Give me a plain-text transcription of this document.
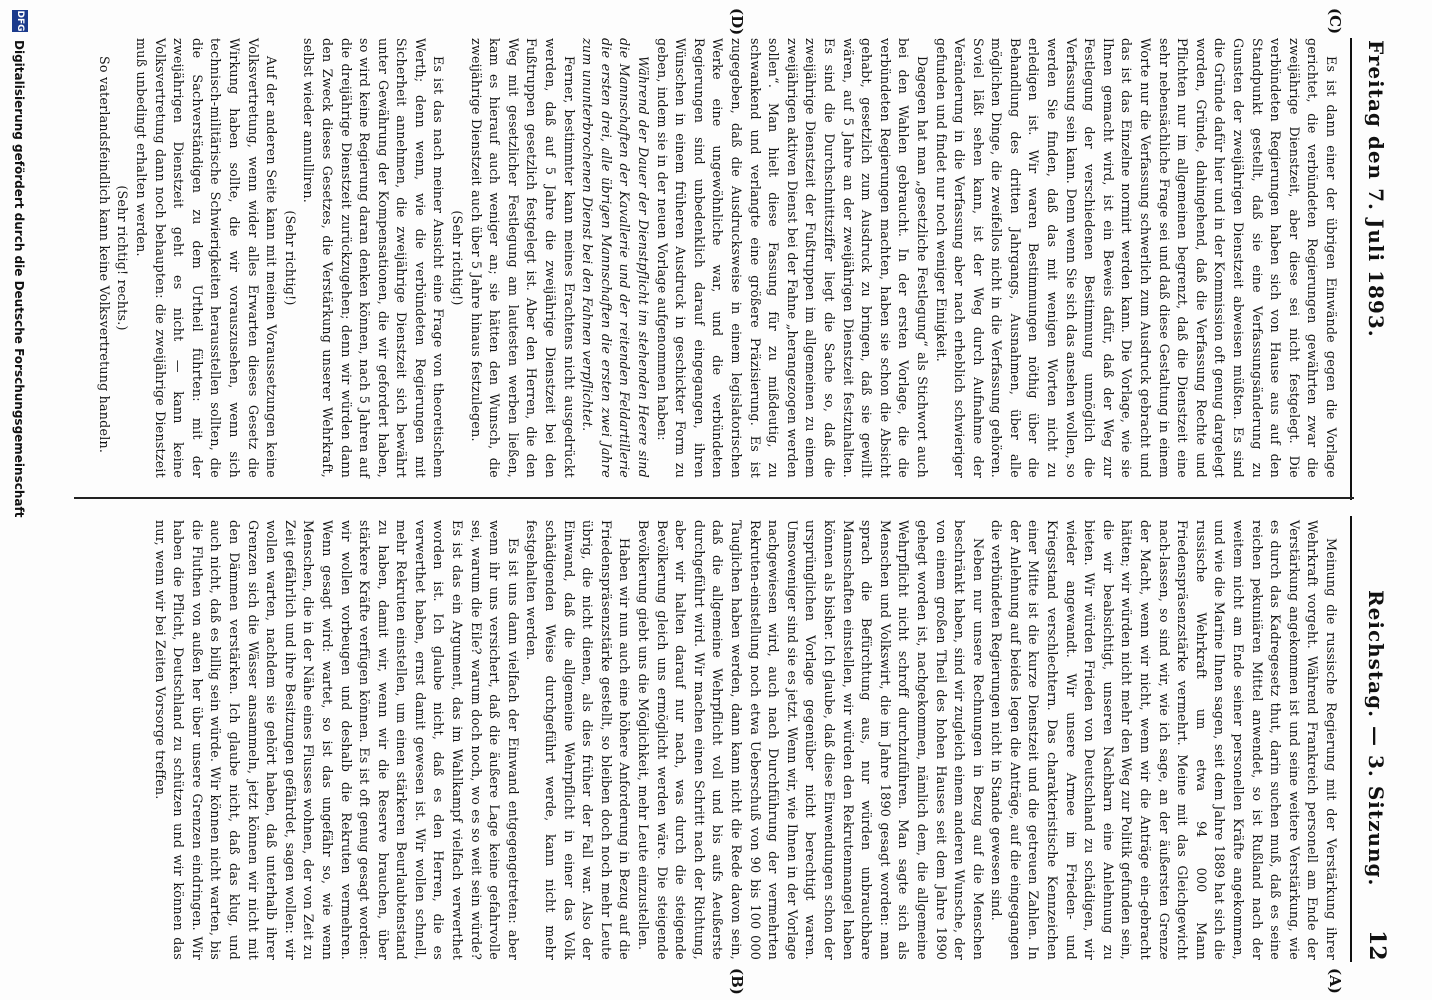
12
Reichstag. — 3. Sitzung.
Freitag den 7. Juli 1893.
(A)
(B)
(C)
(D)

Meinung die russische Regierung mit der Verstärkung ihrer Wehrkraft vorgeht. Während Frankreich personell am Ende der Verstärkung angekommen ist und seine weitere Verstärkung, wie es durch das Kadregesetz thut, darin suchen muß, daß es seine reichen pekuniären Mittel anwendet, so ist Rußland nach der weitem nicht am Ende seiner personellen Kräfte angekommen, und wie die Marine Ihnen sagen, seit dem Jahre 1889 hat sich die russische Wehrkraft um etwa 94 000 Mann Friedenspräsenzstärke vermehrt. Meine mit das Gleichgewicht nach-lassen, so sind wir, wie ich sage, an der äußersten Grenze der Macht, wenn wir nicht, wenn wir die Anträge ein-gebracht hätten; wir würden nicht mehr den Weg zur Politik gefunden sein, die wir beabsichtigt, unseren Nachbarn eine Anlehnung zu bieten. Wir würden Frieden von Deutschland zu schädigen, wir wieder angewandt. Wir unsere Armee im Frieden- und Kriegsstand verschlechtern. Das charakteristische Kennzeichen einer Mitte ist die kurze Dienstzeit und die getreuen Zahlen. In der Anlehnung auf beides legen die Anträge, auf die eingegangen die verbündeten Regierungen nicht in Stande gewesen sind.

Neben nur unsere Rechnungen in Bezug auf die Menschen beschränkt haben, sind wir zugleich einem anderen Wunsche, der von einem großen Theil des hohen Hauses seit dem Jahre 1890 gehegt worden ist, nachgekommen, nämlich dem, die allgemeine Wehrpflicht nicht schroff durchzuführen. Man sagte sich als Menschen und Volkswirt, die im Jahre 1890 gesagt worden: man sprach die Befürchtung aus, nur würden unbrauchbare Mannschaften einstellen, wir würden den Rekrutenmangel haben können als bisher. Ich glaube, daß diese Einwendungen schon der ursprünglichen Vorlage gegenüber nicht berechtigt waren. Umsoweniger sind sie es jetzt. Wenn wir, wie Ihnen in der Vorlage nachgewiesen wird, auch nach Durchführung der vermehrten Rekruten-einstellung noch etwa Ueberschuß von 90 bis 100 000 Tauglichen haben werden, dann kann nicht die Rede davon sein, daß die allgemeine Wehrpflicht voll und bis aufs Aeußerste durchgeführt wird. Wir machen einen Schritt nach der Richtung, aber wir halten darauf nur nach, was durch die steigende Bevölkerung gleich uns ermöglicht werden wäre. Die steigende Bevölkerung giebt uns die Möglichkeit, mehr Leute einzustellen.

Haben wir nun auch eine höhere Anforderung in Bezug auf die Friedenspräsenzstärke gestellt, so bleiben doch noch mehr Leute übrig, die nicht dienen, als dies früher der Fall war. Also der Einwand, daß die allgemeine Wehrpflicht in einer das Volk schädigenden Weise durchgeführt werde, kann nicht mehr festgehalten werden.

Es ist uns dann vielfach der Einwand entgegengetreten: aber wenn ihr uns versichert, daß die äußere Lage keine gefahrvolle sei, warum die Eile? warum doch noch, wo es so weit sein würde? Es ist das ein Argument, das im Wahlkampf vielfach verwerthet worden ist. Ich glaube nicht, daß es den Herren, die es verwerthet haben, ernst damit gewesen ist. Wir wollen schnell, mehr Rekruten einstellen, um einen stärkeren Beurlaubtenstand zu haben, damit wir, wenn wir die Reserve brauchen, über stärkere Kräfte verfügen können. Es ist oft genug gesagt worden: wir wollen vorbeugen und deshalb die Rekruten vermehren. Wenn gesagt wird: wartet, so ist das ungefähr so, wie wenn Menschen, die in der Nähe eines Flusses wohnen, der von Zeit zu Zeit gefährlich und ihre Besitzungen gefährdet, sagen wollen: wir wollen warten, nachdem sie gehört haben, daß unterhalb ihrer Grenzen sich die Wässer ansammeln, jetzt können wir nicht mit den Dämmen verstärken. Ich glaube nicht, daß das klug, und auch nicht, daß es billig sein würde. Wir können nicht warten, bis die Fluthen von außen her über unsere Grenzen eindringen. Wir haben die Pflicht, Deutschland zu schützen und wir können das nur, wenn wir bei Zeiten Vorsorge treffen.

Es ist dann einer der übrigen Einwände gegen die Vorlage gerichtet, die verbündeten Regierungen gewährten zwar die zweijährige Dienstzeit, aber diese sei nicht festgelegt. Die verbündeten Regierungen haben sich von Hause aus auf den Standpunkt gestellt, daß sie eine Verfassungsänderung zu Gunsten der zweijährigen Dienstzeit abweisen müßten. Es sind die Gründe dafür hier und in der Kommission oft genug dargelegt worden, Gründe, dahingehend, daß die Verfassung Rechte und Pflichten nur im allgemeinen begrenzt, daß die Dienstzeit eine sehr nebensächliche Frage sei und daß diese Gestaltung in einem Worte nur die Verfassung schwerlich zum Ausdruck gebracht und das ist das Einzelne normirt werden kann. Die Vorlage, wie sie Ihnen gemacht wird, ist ein Beweis dafür, daß der Weg zur Festlegung der verschiedenen Bestimmung unmöglich die Verfassung sein kann. Denn wenn Sie sich das ansehen wollen, so werden Sie finden, daß das mit wenigen Worten nicht zu erledigen ist. Wir waren Bestimmungen nöthig über die Behandlung des dritten Jahrgangs, Ausnahmen, über alle möglichen Dinge, die zweifellos nicht in die Verfassung gehören. Soviel läßt sehen kann, ist der Weg durch Aufnahme der Veränderung in die Verfassung aber nach erheblich schwieriger gefunden und findet nur noch weniger Einigkeit.

Dagegen hat man „gesetzliche Festlegung“ als Stichwort auch bei den Wahlen gebraucht. In der ersten Vorlage, die die verbündeten Regierungen machten, haben sie schon die Absicht gehabt, gesetzlich zum Ausdruck zu bringen, daß sie gewillt wären, auf 5 Jahre an der zweijährigen Dienstzeit festzuhalten. Es sind die Durchschnittsziffer liegt die Sache so, daß die zweijährige Dienstzeit der Fußtruppen im allgemeinen zu einem zweijährigen aktiven Dienst bei der Fahne „herangezogen werden sollen“. Man hielt diese Fassung für zu mißdeutig, zu schwankend und verlangte eine größere Präzisierung. Es ist zugegeben, daß die Ausdrucksweise in einem legislatorischen Werke eine ungewöhnliche war, und die verbündeten Regierungen sind unbedenklich darauf eingegangen, ihren Wünschen in einem früheren Ausdruck in geschickter Form zu geben, indem sie in der neuen Vorlage aufgenommen haben:

Während der Dauer der Dienstpflicht im stehenden Heere sind die Mannschaften der Kavallerie und der reitenden Feldartillerie die ersten drei, alle übrigen Mannschaften die ersten zwei Jahre zum ununterbrochenen Dienst bei den Fahnen verpflichtet.

Ferner, bestimmter kann meines Erachtens nicht ausgedrückt werden, daß auf 5 Jahre die zweijährige Dienstzeit bei den Fußtruppen gesetzlich festgelegt ist. Aber den Herren, die den Weg mit gesetzlicher Festlegung am lautesten werben ließen, kam es hierauf auch weniger an; sie hätten den Wunsch, die zweijährige Dienstzeit auch über 5 Jahre hinaus festzulegen.

(Sehr richtig!)

Es ist das nach meiner Ansicht eine Frage von theoretischem Werth; denn wenn, wie die verbündeten Regierungen mit Sicherheit annehmen, die zweijährige Dienstzeit sich bewährt unter Gewährung der Kompensationen, die wir gefordert haben, so wird keine Regierung daran denken können, nach 5 Jahren auf die dreijährige Dienstzeit zurückzugehen; denn wir würden dann den Zweck dieses Gesetzes, die Verstärkung unserer Wehrkraft, selbst wieder annulliren.

(Sehr richtig!)

Auf der anderen Seite kann mit meinen Voraussetzungen keine Volksvertretung, wenn wider alles Erwarten dieses Gesetz die Wirkung haben sollte, die wir vorauszusehen, wenn sich technisch-militärische Schwierigkeiten herausstellen sollten, die die Sachverständigen zu dem Urtheil führten: mit der zweijährigen Dienstzeit geht es nicht — kann keine Volksvertretung dann noch behaupten: die zweijährige Dienstzeit muß unbedingt erhalten werden.

(Sehr richtig! rechts.)

So vaterlandsfeindlich kann keine Volksvertretung handeln.

DFG
Digitalisierung gefördert durch die Deutsche Forschungsgemeinschaft
